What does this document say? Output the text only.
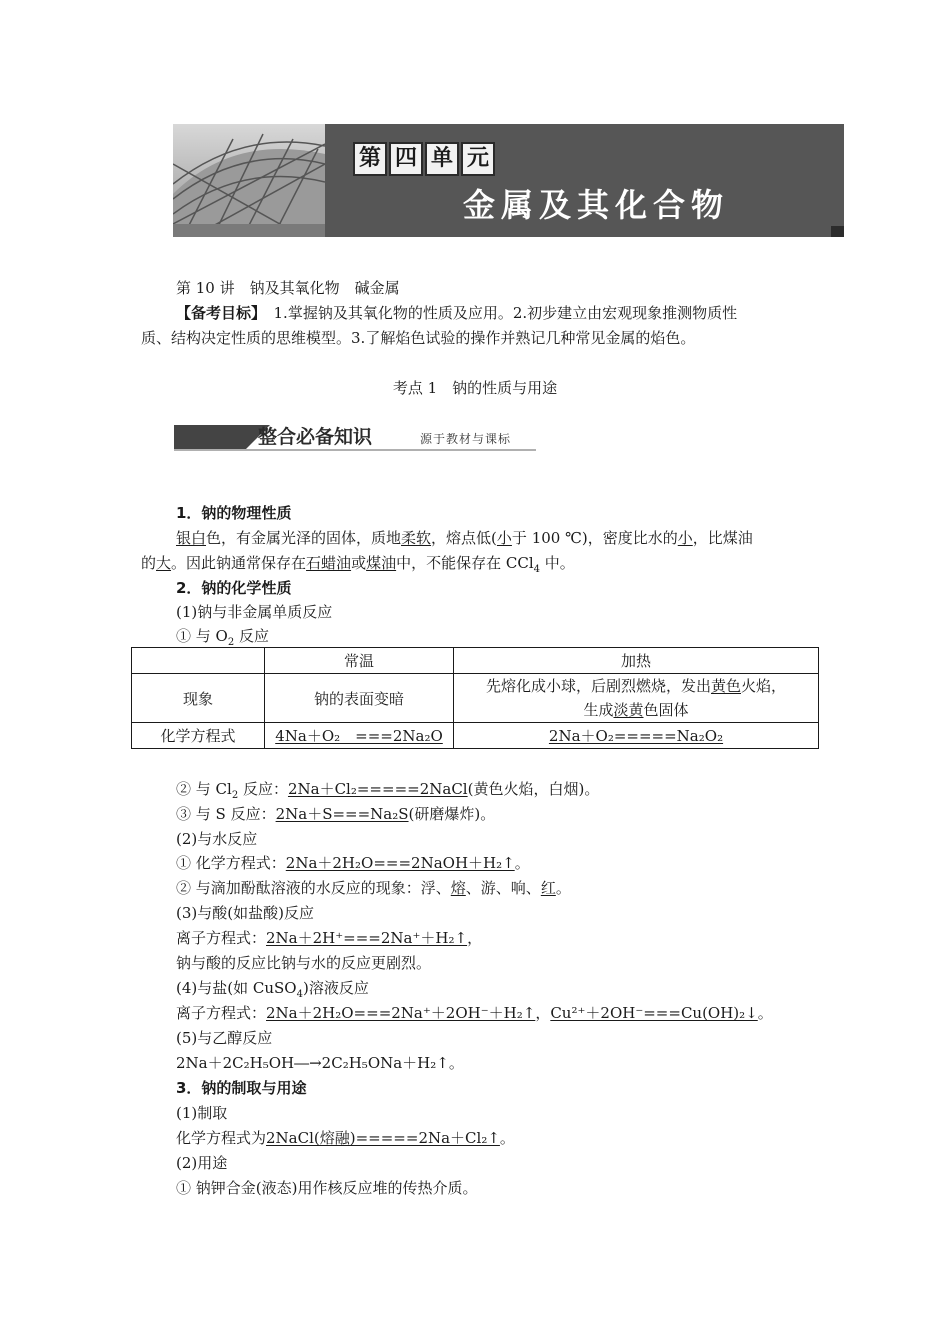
第 四 单 元
金属及其化合物
第 10 讲　钠及其氧化物　碱金属
【备考目标】　1.掌握钠及其氧化物的性质及应用。2.初步建立由宏观现象推测物质性
质、结构决定性质的思维模型。3.了解焰色试验的操作并熟记几种常见金属的焰色。
考点 1　钠的性质与用途
整合必备知识	源于教材与课标
1．钠的物理性质
银白色，有金属光泽的固体，质地柔软，熔点低(小于 100 ℃)，密度比水的小，比煤油
的大。因此钠通常保存在石蜡油或煤油中，不能保存在 CCl$_4$ 中。
2．钠的化学性质
(1)钠与非金属单质反应
① 与 $O_2$ 反应
	常温	加热
现象	钠的表面变暗	先熔化成小球，后剧烈燃烧，发出黄色火焰，
生成淡黄色固体
化学方程式	4Na＋O₂　===2Na₂O	2Na＋O₂=====Na₂O₂
② 与 $Cl_2$ 反应：2Na＋Cl₂=====2NaCl(黄色火焰，白烟)。
③ 与 S 反应：2Na＋S===Na₂S(研磨爆炸)。
(2)与水反应
① 化学方程式：2Na＋2H₂O===2NaOH＋H₂↑。
② 与滴加酚酞溶液的水反应的现象：浮、熔、游、响、红。
(3)与酸(如盐酸)反应
离子方程式：2Na＋2H⁺===2Na⁺＋H₂↑，
钠与酸的反应比钠与水的反应更剧烈。
(4)与盐(如 CuSO$_4$)溶液反应
离子方程式：2Na＋2H₂O===2Na⁺＋2OH⁻＋H₂↑，Cu²⁺＋2OH⁻===Cu(OH)₂↓。
(5)与乙醇反应
2Na＋2C₂H₅OH―→2C₂H₅ONa＋H₂↑。
3．钠的制取与用途
(1)制取
化学方程式为2NaCl(熔融)=====2Na＋Cl₂↑。
(2)用途
① 钠钾合金(液态)用作核反应堆的传热介质。
